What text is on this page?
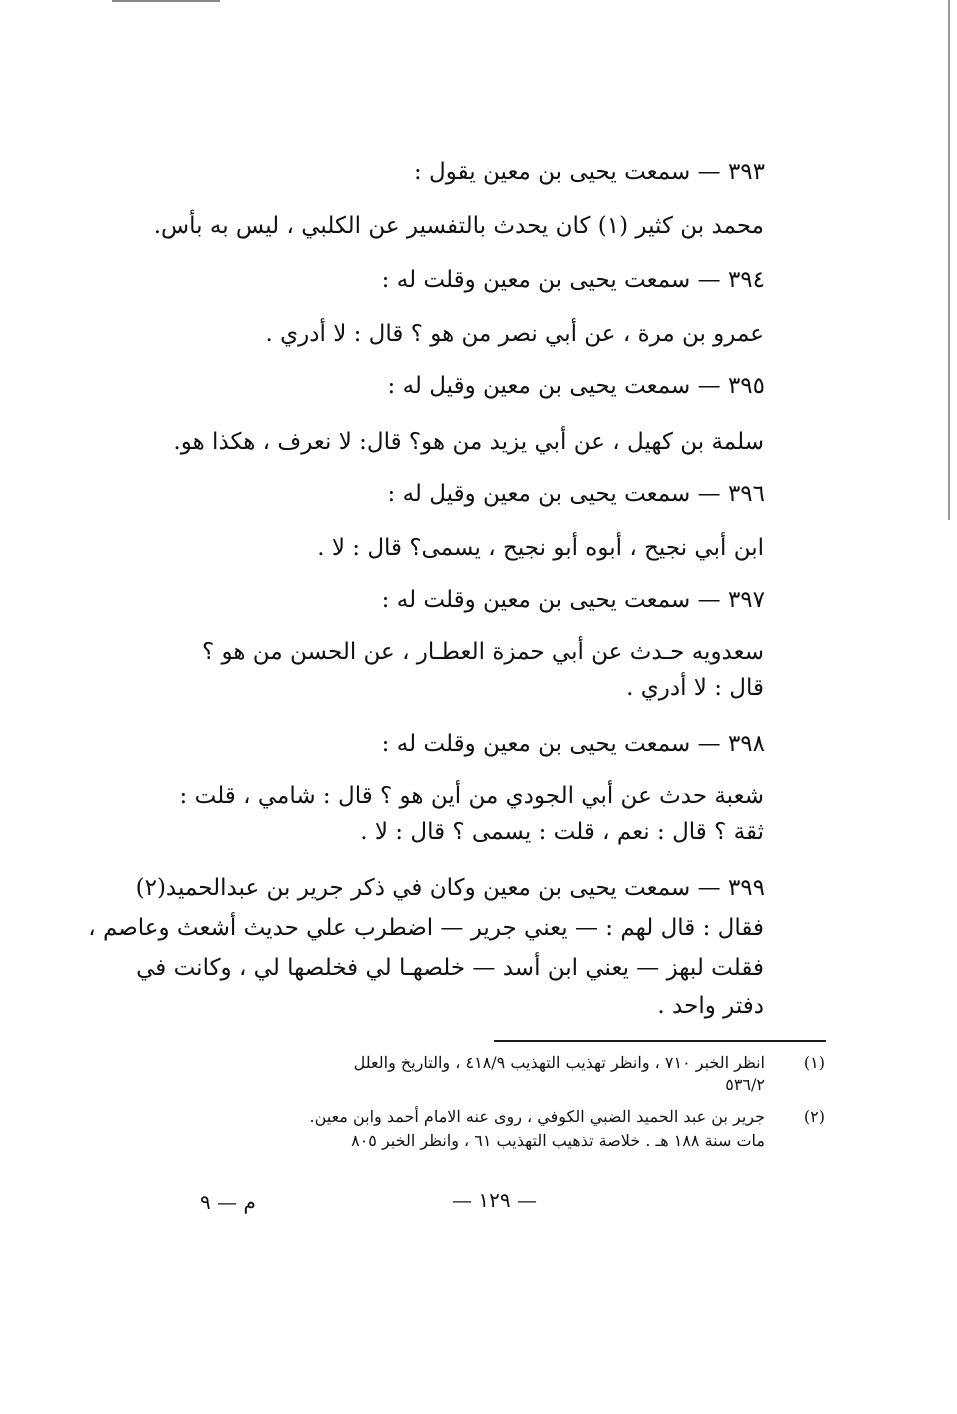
٣٩٣ — سمعت يحيى بن معين يقول :
محمد بن كثير (١) كان يحدث بالتفسير عن الكلبي ، ليس به بأس.
٣٩٤ — سمعت يحيى بن معين وقلت له :
عمرو بن مرة ، عن أبي نصر من هو ؟ قال : لا أدري .
٣٩٥ — سمعت يحيى بن معين وقيل له :
سلمة بن كهيل ، عن أبي يزيد من هو؟ قال: لا نعرف ، هكذا هو.
٣٩٦ — سمعت يحيى بن معين وقيل له :
ابن أبي نجيح ، أبوه أبو نجيح ، يسمى؟ قال : لا .
٣٩٧ — سمعت يحيى بن معين وقلت له :
سعدويه حـدث عن أبي حمزة العطـار ، عن الحسن من هو ؟
قال : لا أدري .
٣٩٨ — سمعت يحيى بن معين وقلت له :
شعبة حدث عن أبي الجودي من أين هو ؟ قال : شامي ، قلت :
ثقة ؟ قال : نعم ، قلت : يسمى ؟ قال : لا .
٣٩٩ — سمعت يحيى بن معين وكان في ذكر جرير بن عبدالحميد(٢)
فقال : قال لهم : — يعني جرير — اضطرب علي حديث أشعث وعاصم ،
فقلت لبهز — يعني ابن أسد — خلصهـا لي فخلصها لي ، وكانت في
دفتر واحد .
(١)
انظر الخبر ٧١٠ ، وانظر تهذيب التهذيب ٤١٨/٩ ، والتاريخ والعلل
٥٣٦/٢
(٢)
جرير بن عبد الحميد الضبي الكوفي ، روى عنه الامام أحمد وابن معين.
مات سنة ١٨٨ هـ . خلاصة تذهيب التهذيب ٦١ ، وانظر الخبر ٨٠٥
— ١٢٩ —
م — ٩
